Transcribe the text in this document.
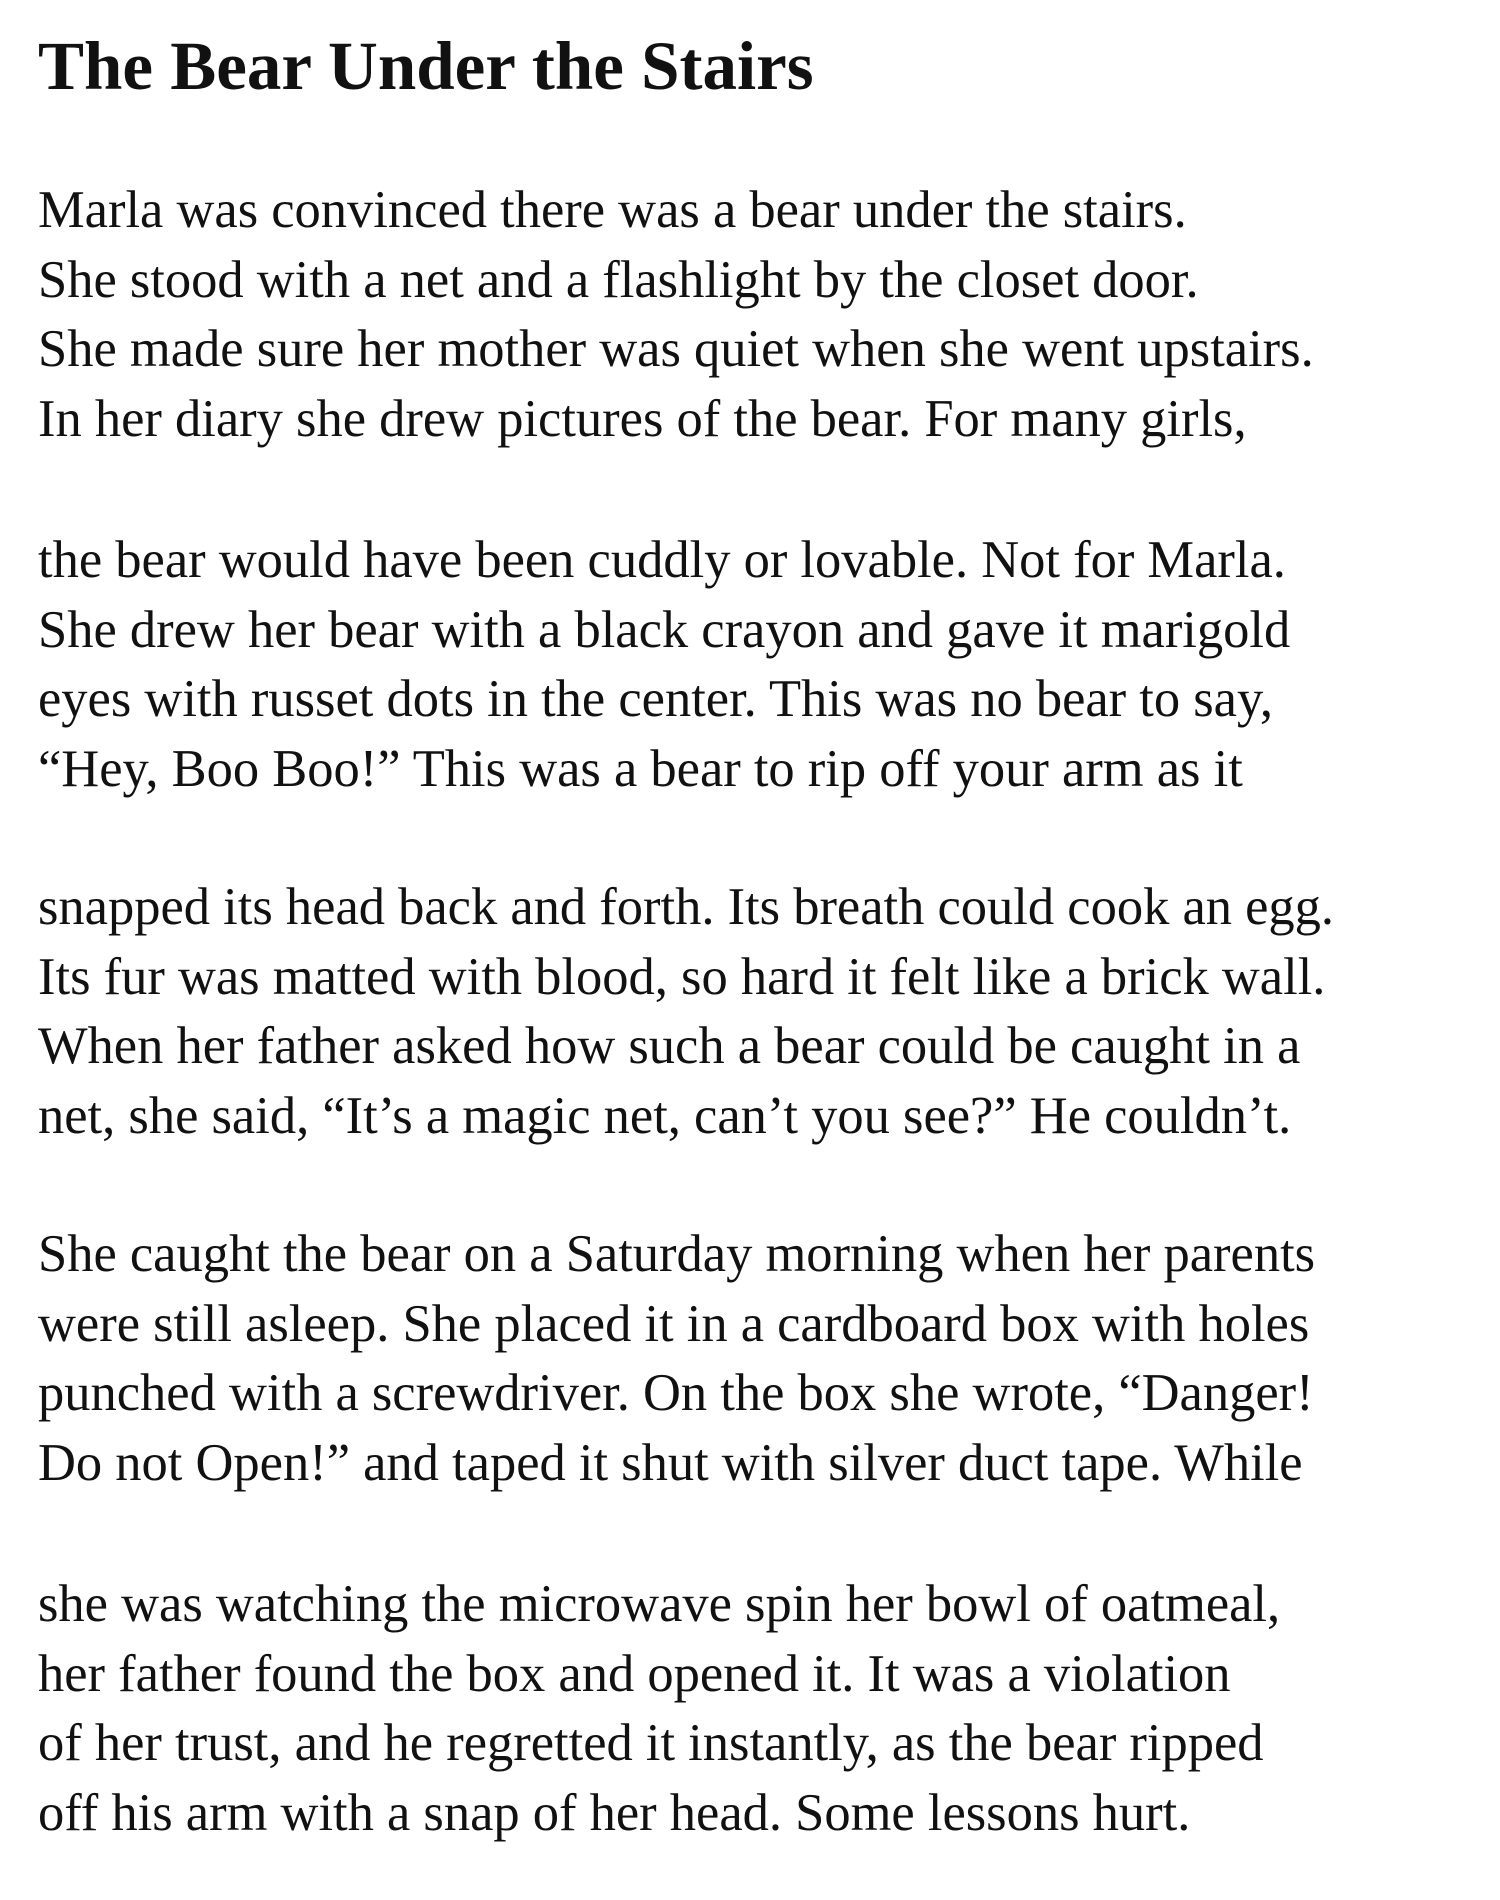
The Bear Under the Stairs
Marla was convinced there was a bear under the stairs.
She stood with a net and a flashlight by the closet door.
She made sure her mother was quiet when she went upstairs.
In her diary she drew pictures of the bear. For many girls,
the bear would have been cuddly or lovable. Not for Marla.
She drew her bear with a black crayon and gave it marigold
eyes with russet dots in the center. This was no bear to say,
“Hey, Boo Boo!” This was a bear to rip off your arm as it
snapped its head back and forth. Its breath could cook an egg.
Its fur was matted with blood, so hard it felt like a brick wall.
When her father asked how such a bear could be caught in a
net, she said, “It’s a magic net, can’t you see?” He couldn’t.
She caught the bear on a Saturday morning when her parents
were still asleep. She placed it in a cardboard box with holes
punched with a screwdriver. On the box she wrote, “Danger!
Do not Open!” and taped it shut with silver duct tape. While
she was watching the microwave spin her bowl of oatmeal,
her father found the box and opened it. It was a violation
of her trust, and he regretted it instantly, as the bear ripped
off his arm with a snap of her head. Some lessons hurt.
